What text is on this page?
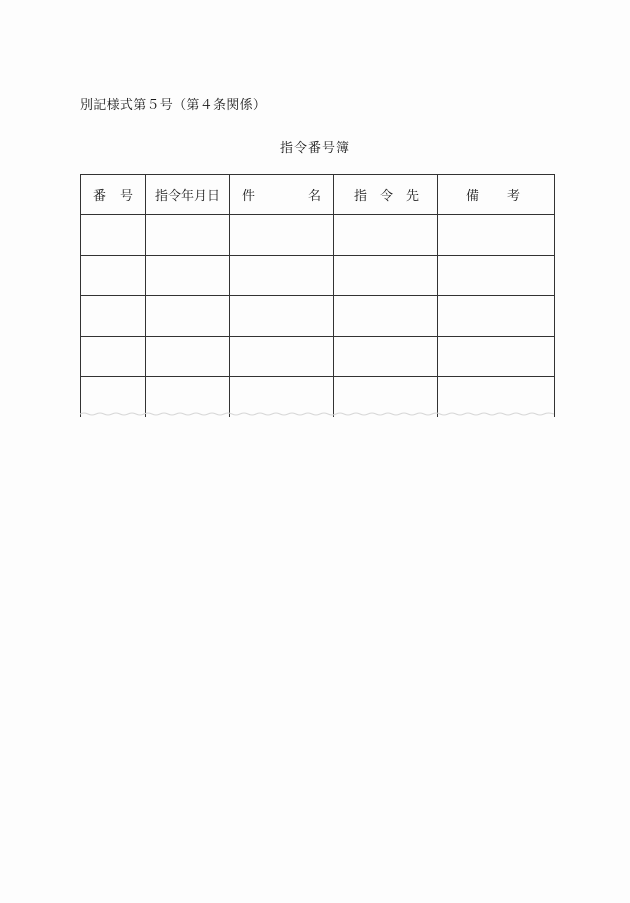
別記様式第５号（第４条関係）
指令番号簿
番 号	指令年月日	件 名	指 令 先	備 考
